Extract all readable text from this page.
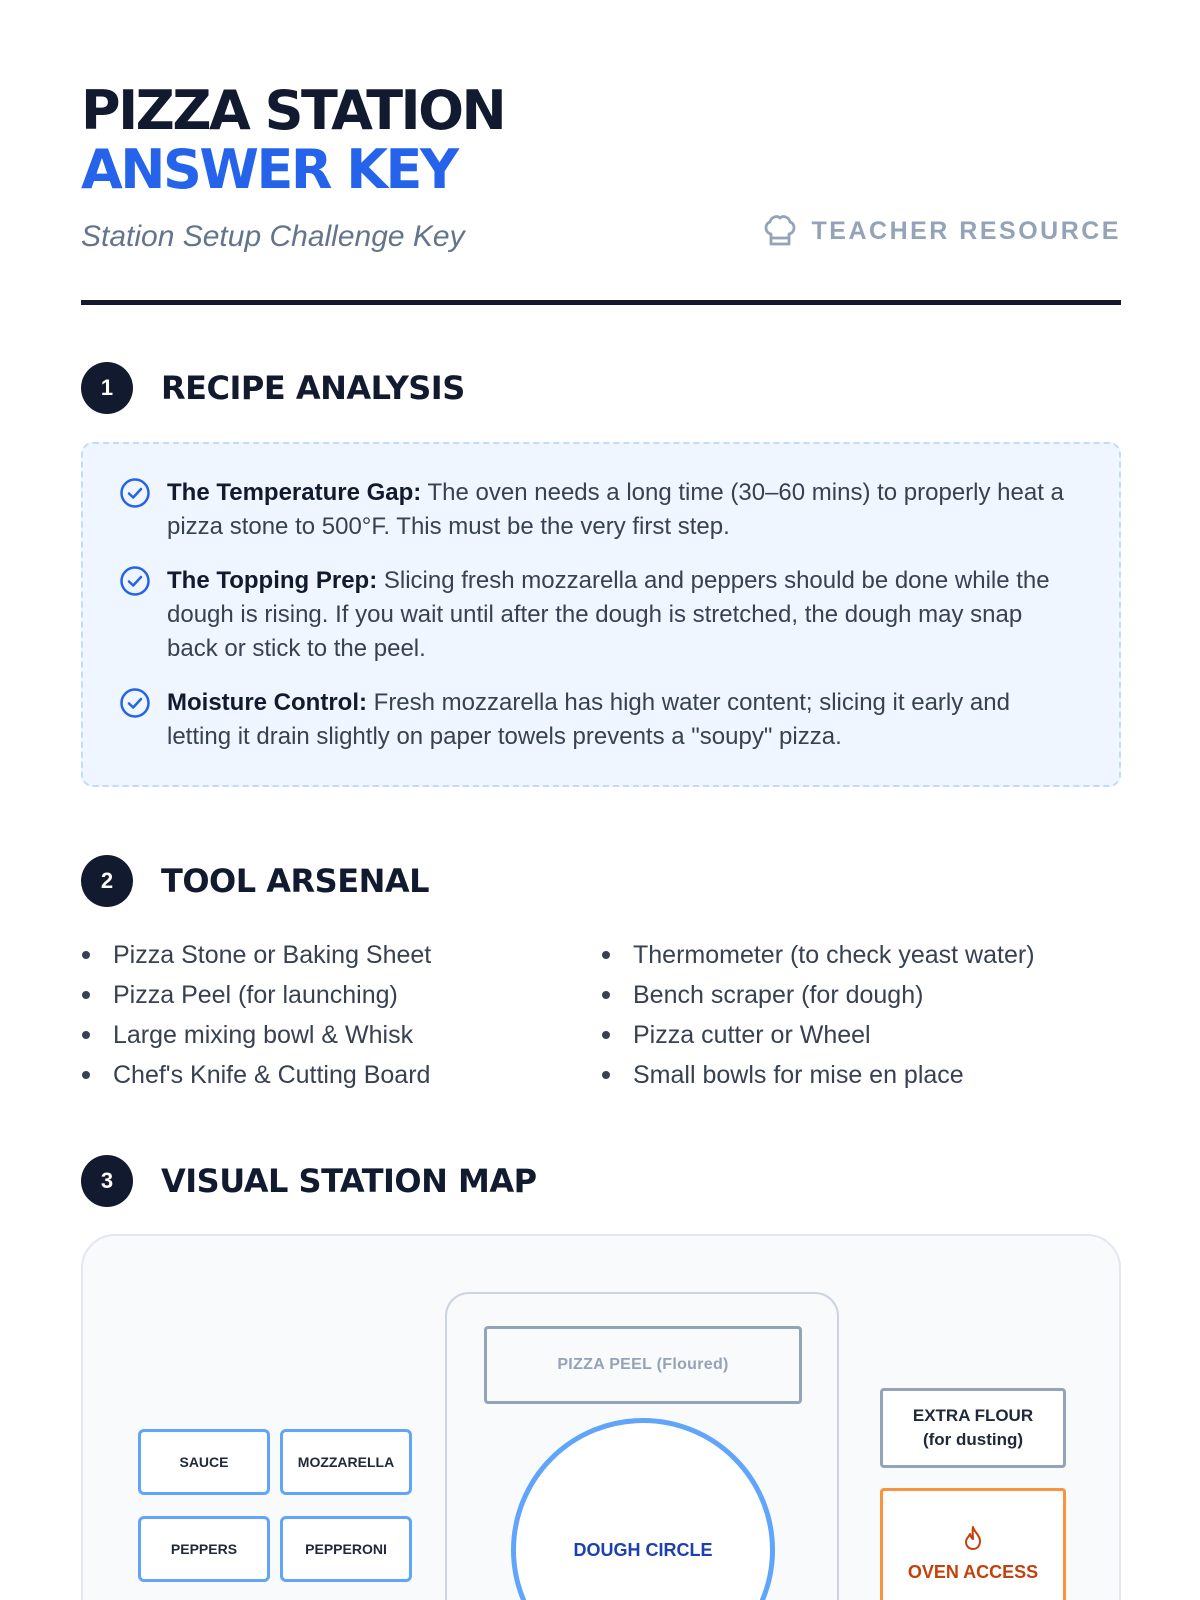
PIZZA STATION
ANSWER KEY
Station Setup Challenge Key	TEACHER RESOURCE
1	RECIPE ANALYSIS
The Temperature Gap: The oven needs a long time (30–60 mins) to properly heat a pizza stone to 500°F. This must be the very first step.
The Topping Prep: Slicing fresh mozzarella and peppers should be done while the dough is rising. If you wait until after the dough is stretched, the dough may snap back or stick to the peel.
Moisture Control: Fresh mozzarella has high water content; slicing it early and letting it drain slightly on paper towels prevents a "soupy" pizza.
2	TOOL ARSENAL
Pizza Stone or Baking Sheet
Pizza Peel (for launching)
Large mixing bowl & Whisk
Chef's Knife & Cutting Board
Thermometer (to check yeast water)
Bench scraper (for dough)
Pizza cutter or Wheel
Small bowls for mise en place
3	VISUAL STATION MAP
SAUCE	MOZZARELLA
PEPPERS	PEPPERONI
PIZZA PEEL (Floured)
DOUGH CIRCLE
EXTRA FLOUR
(for dusting)
OVEN ACCESS
